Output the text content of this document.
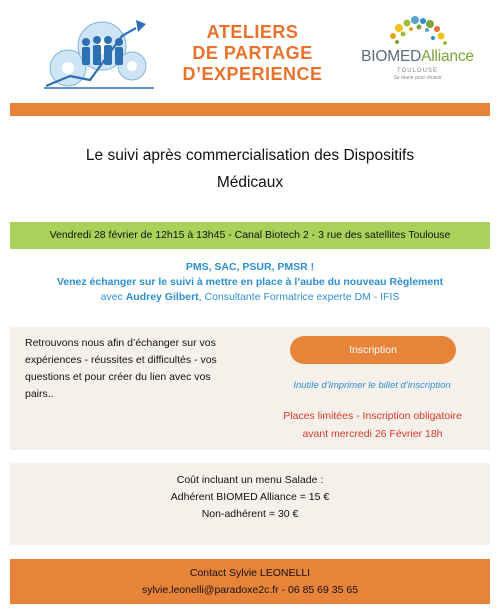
ATELIERS
DE PARTAGE
D’EXPERIENCE
BIOMEDAlliance
TOULOUSE
Se réunir pour réussir
Le suivi après commercialisation des Dispositifs
Médicaux
Vendredi 28 février de 12h15 à 13h45 - Canal Biotech 2 - 3 rue des satellites Toulouse
PMS, SAC, PSUR, PMSR !
Venez échanger sur le suivi à mettre en place à l’aube du nouveau Règlement
avec Audrey Gilbert, Consultante Formatrice experte DM - IFIS
Retrouvons nous afin d’échanger sur vos
expériences - réussites et difficultés - vos
questions et pour créer du lien avec vos
pairs..
Inscription
Inutile d’imprimer le billet d’inscription
Places limitées - Inscription obligatoire
avant mercredi 26 Février 18h
Coût incluant un menu Salade :
Adhérent BIOMED Alliance = 15 €
Non-adhérent = 30 €
Contact Sylvie LEONELLI
sylvie.leonelli@paradoxe2c.fr - 06 85 69 35 65
